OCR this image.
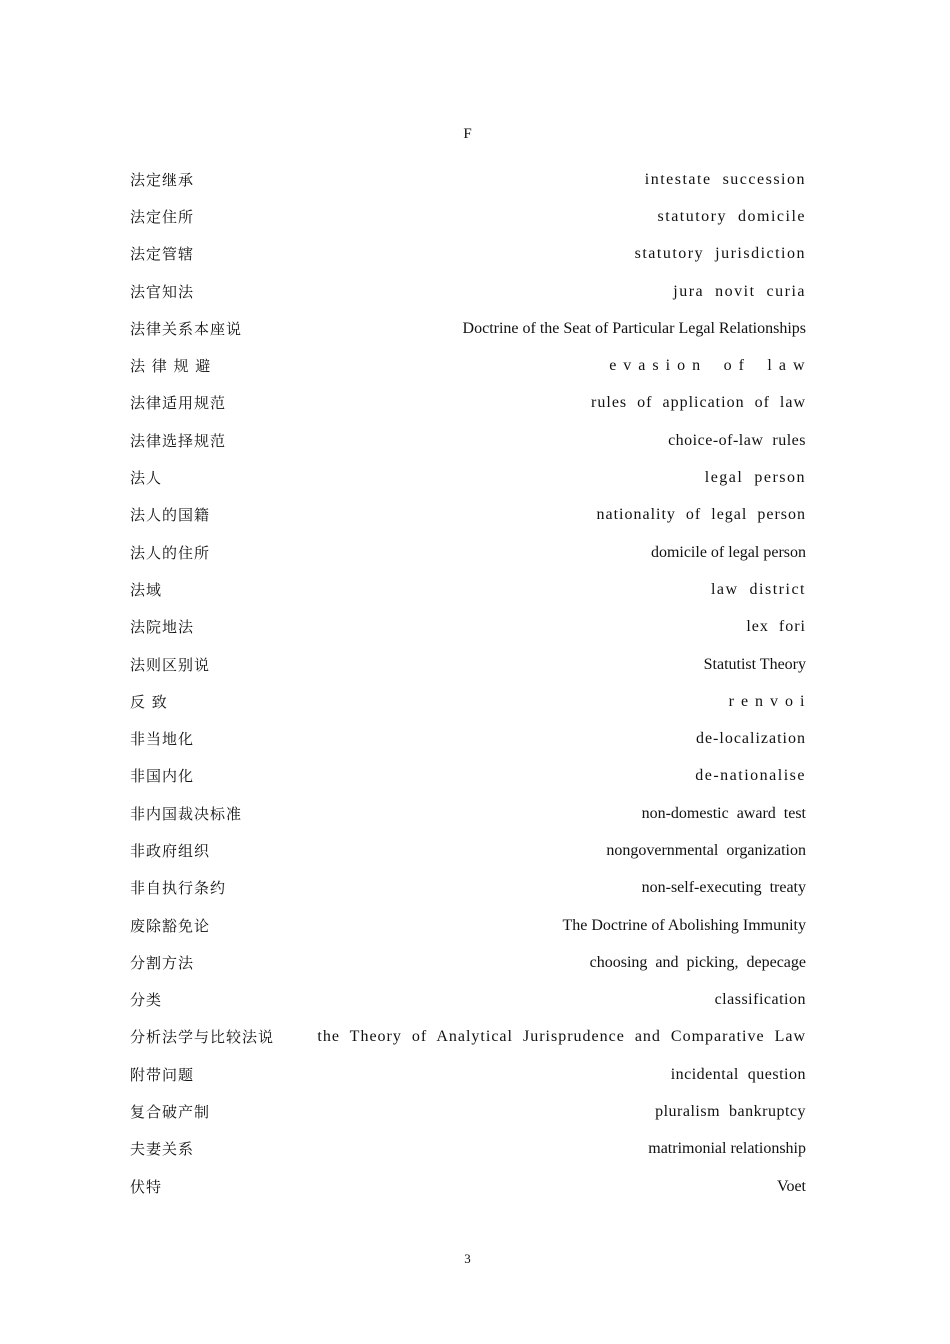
F
法定继承	intestate  succession
法定住所	statutory  domicile
法定管辖	statutory  jurisdiction
法官知法	jura  novit  curia
法律关系本座说	Doctrine of the Seat of Particular Legal Relationships
法 律 规 避	e v a s i o n    o f    l a w
法律适用规范	rules  of  application  of  law
法律选择规范	choice-of-law  rules
法人	legal  person
法人的国籍	nationality  of  legal  person
法人的住所	domicile of legal person
法域	law  district
法院地法	lex  fori
法则区别说	Statutist Theory
反 致	r e n v o i
非当地化	de-localization
非国内化	de-nationalise
非内国裁决标准	non-domestic  award  test
非政府组织	nongovernmental  organization
非自执行条约	non-self-executing  treaty
废除豁免论	The Doctrine of Abolishing Immunity
分割方法	choosing  and  picking,  depecage
分类	classification
分析法学与比较法说	the  Theory  of  Analytical  Jurisprudence  and  Comparative  Law
附带问题	incidental  question
复合破产制	pluralism  bankruptcy
夫妻关系	matrimonial relationship
伏特	Voet
3
